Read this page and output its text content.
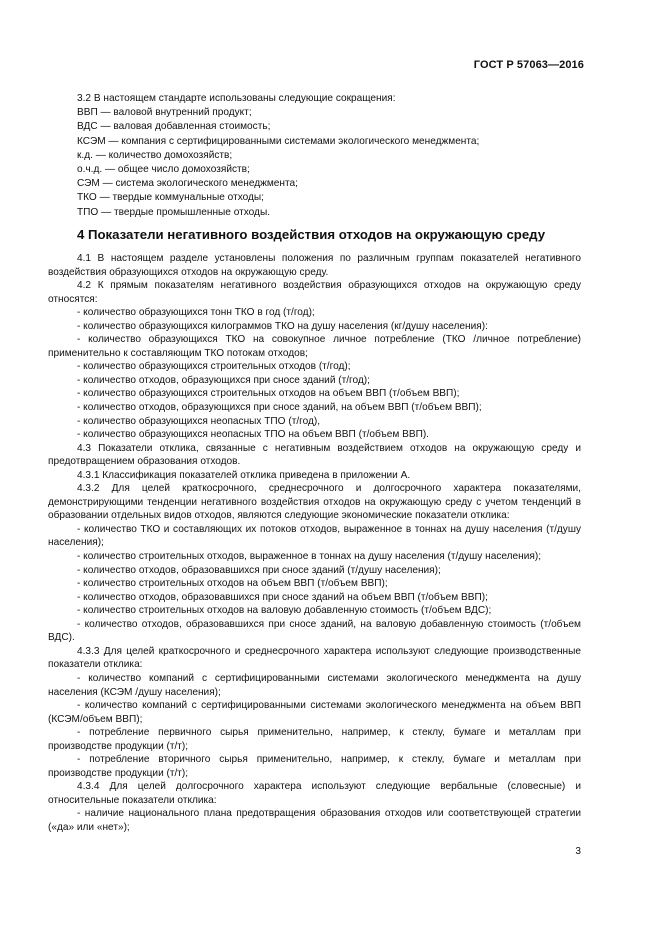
ГОСТ Р 57063—2016
3.2 В настоящем стандарте использованы следующие сокращения:
ВВП — валовой внутренний продукт;
ВДС — валовая добавленная стоимость;
КСЭМ — компания с сертифицированными системами экологического менеджмента;
к.д. — количество домохозяйств;
о.ч.д. — общее число домохозяйств;
СЭМ — система экологического менеджмента;
ТКО — твердые коммунальные отходы;
ТПО — твердые промышленные отходы.
4 Показатели негативного воздействия отходов на окружающую среду

4.1 В настоящем разделе установлены положения по различным группам показателей негативного воздействия образующихся отходов на окружающую среду.

4.2 К прямым показателям негативного воздействия образующихся отходов на окружающую среду относятся:

- количество образующихся тонн ТКО в год (т/год);

- количество образующихся килограммов ТКО на душу населения (кг/душу населения):

- количество образующихся ТКО на совокупное личное потребление (ТКО /личное потребление) применительно к составляющим ТКО потокам отходов;

- количество образующихся строительных отходов (т/год);

- количество отходов, образующихся при сносе зданий (т/год);

- количество образующихся строительных отходов на объем ВВП (т/объем ВВП);

- количество отходов, образующихся при сносе зданий, на объем ВВП (т/объем ВВП);

- количество образующихся неопасных ТПО (т/год),

- количество образующихся неопасных ТПО на объем ВВП (т/объем ВВП).

4.3 Показатели отклика, связанные с негативным воздействием отходов на окружающую среду и предотвращением образования отходов.

4.3.1 Классификация показателей отклика приведена в приложении А.

4.3.2 Для целей краткосрочного, среднесрочного и долгосрочного характера показателями, демонстрирующими тенденции негативного воздействия отходов на окружающую среду с учетом тенденций в образовании отдельных видов отходов, являются следующие экономические показатели отклика:

- количество ТКО и составляющих их потоков отходов, выраженное в тоннах на душу населения (т/душу населения);

- количество строительных отходов, выраженное в тоннах на душу населения (т/душу населения);

- количество отходов, образовавшихся при сносе зданий (т/душу населения);

- количество строительных отходов на объем ВВП (т/объем ВВП);

- количество отходов, образовавшихся при сносе зданий на объем ВВП (т/объем ВВП);

- количество строительных отходов на валовую добавленную стоимость (т/объем ВДС);

- количество отходов, образовавшихся при сносе зданий, на валовую добавленную стоимость (т/объем ВДС).

4.3.3 Для целей краткосрочного и среднесрочного характера используют следующие производственные показатели отклика:

- количество компаний с сертифицированными системами экологического менеджмента на душу населения (КСЭМ /душу населения);

- количество компаний с сертифицированными системами экологического менеджмента на объем ВВП (КСЭМ/объем ВВП);

- потребление первичного сырья применительно, например, к стеклу, бумаге и металлам при производстве продукции (т/т);

- потребление вторичного сырья применительно, например, к стеклу, бумаге и металлам при производстве продукции (т/т);

4.3.4 Для целей долгосрочного характера используют следующие вербальные (словесные) и относительные показатели отклика:

- наличие национального плана предотвращения образования отходов или соответствующей стратегии («да» или «нет»);

3
